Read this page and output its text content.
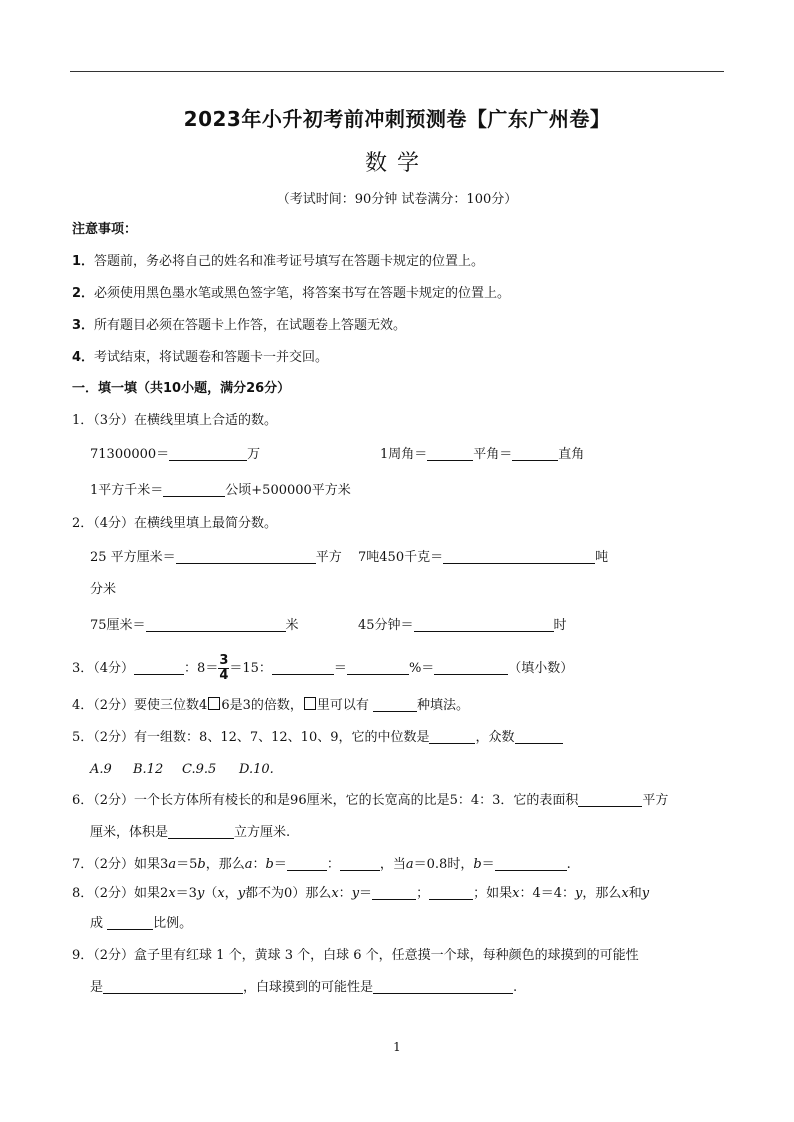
2023年小升初考前冲刺预测卷【广东广州卷】
数学
（考试时间：90分钟 试卷满分：100分）
注意事项：
1．答题前，务必将自己的姓名和准考证号填写在答题卡规定的位置上。
2．必须使用黑色墨水笔或黑色签字笔，将答案书写在答题卡规定的位置上。
3．所有题目必须在答题卡上作答，在试题卷上答题无效。
4．考试结束，将试题卷和答题卡一并交回。
一．填一填（共10小题，满分26分）
1．（3分）在横线里填上合适的数。
71300000＝	万	1周角＝	平角＝	直角
1平方千米＝	公顷+500000平方米
2．（4分）在横线里填上最简分数。
25 平方厘米＝	平方 7吨450千克＝	吨
分米
75厘米＝	米	45分钟＝	时
3．（4分）	：$8= \frac{3}{4} =15$：	＝	%＝	（填小数）
4．（2分）要使三位数4 6是3的倍数， 里可以有	种填法。
5．（2分）有一组数：8、12、7、12、10、9，它的中位数是	，众数
A.9 B.12 C.9.5 D.10.
6．（2分）一个长方体所有棱长的和是96厘米，它的长宽高的比是5：4：3．它的表面积	平方
厘米，体积是	立方厘米.
7．（2分）如果3a＝5b，那么a：b＝	：	，当a＝0.8时，b＝	.
8．（2分）如果2x＝3y（x，y都不为0）那么x：y＝	；	；如果x：4＝4：y，那么x和y
成	比例。
9．（2分）盒子里有红球 1 个，黄球 3 个，白球 6 个，任意摸一个球，每种颜色的球摸到的可能性
是	，白球摸到的可能性是	.
1
